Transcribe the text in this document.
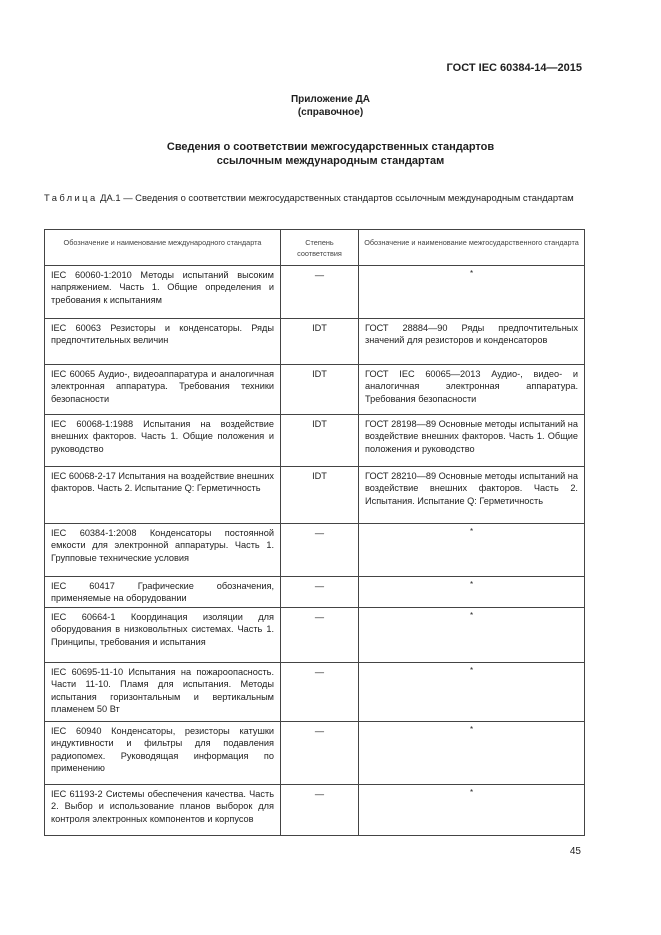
ГОСТ IEC 60384-14—2015
Приложение ДА
(справочное)
Сведения о соответствии межгосударственных стандартов
ссылочным международным стандартам
Таблица ДА.1 — Сведения о соответствии межгосударственных стандартов ссылочным международным стандартам
Обозначение и наименование международного стандарта	Степень соответствия	Обозначение и наименование межгосударственного стандарта
IEC 60060-1:2010 Методы испытаний высоким напряжением. Часть 1. Общие определения и требования к испытаниям	—	*
IEC 60063 Резисторы и конденсаторы. Ряды предпочтительных величин	IDT	ГОСТ 28884—90 Ряды предпочтительных значений для резисторов и конденсаторов
IEC 60065 Аудио-, видеоаппаратура и аналогичная электронная аппаратура. Требования техники безопасности	IDT	ГОСТ IEC 60065—2013 Аудио-, видео- и аналогичная электронная аппаратура. Требования безопасности
IEC 60068-1:1988 Испытания на воздействие внешних факторов. Часть 1. Общие положения и руководство	IDT	ГОСТ 28198—89 Основные методы испытаний на воздействие внешних факторов. Часть 1. Общие положения и руководство
IEC 60068-2-17 Испытания на воздействие внешних факторов. Часть 2. Испытание Q: Герметичность	IDT	ГОСТ 28210—89 Основные методы испытаний на воздействие внешних факторов. Часть 2. Испытания. Испытание Q: Герметичность
IEC 60384-1:2008 Конденсаторы постоянной емкости для электронной аппаратуры. Часть 1. Групповые технические условия	—	*
IEC 60417 Графические обозначения, применяемые на оборудовании	—	*
IEC 60664-1 Координация изоляции для оборудования в низковольтных системах. Часть 1. Принципы, требования и испытания	—	*
IEC 60695-11-10 Испытания на пожароопасность. Части 11-10. Пламя для испытания. Методы испытания горизонтальным и вертикальным пламенем 50 Вт	—	*
IEC 60940 Конденсаторы, резисторы катушки индуктивности и фильтры для подавления радиопомех. Руководящая информация по применению	—	*
IEC 61193-2 Системы обеспечения качества. Часть 2. Выбор и использование планов выборок для контроля электронных компонентов и корпусов	—	*
45
